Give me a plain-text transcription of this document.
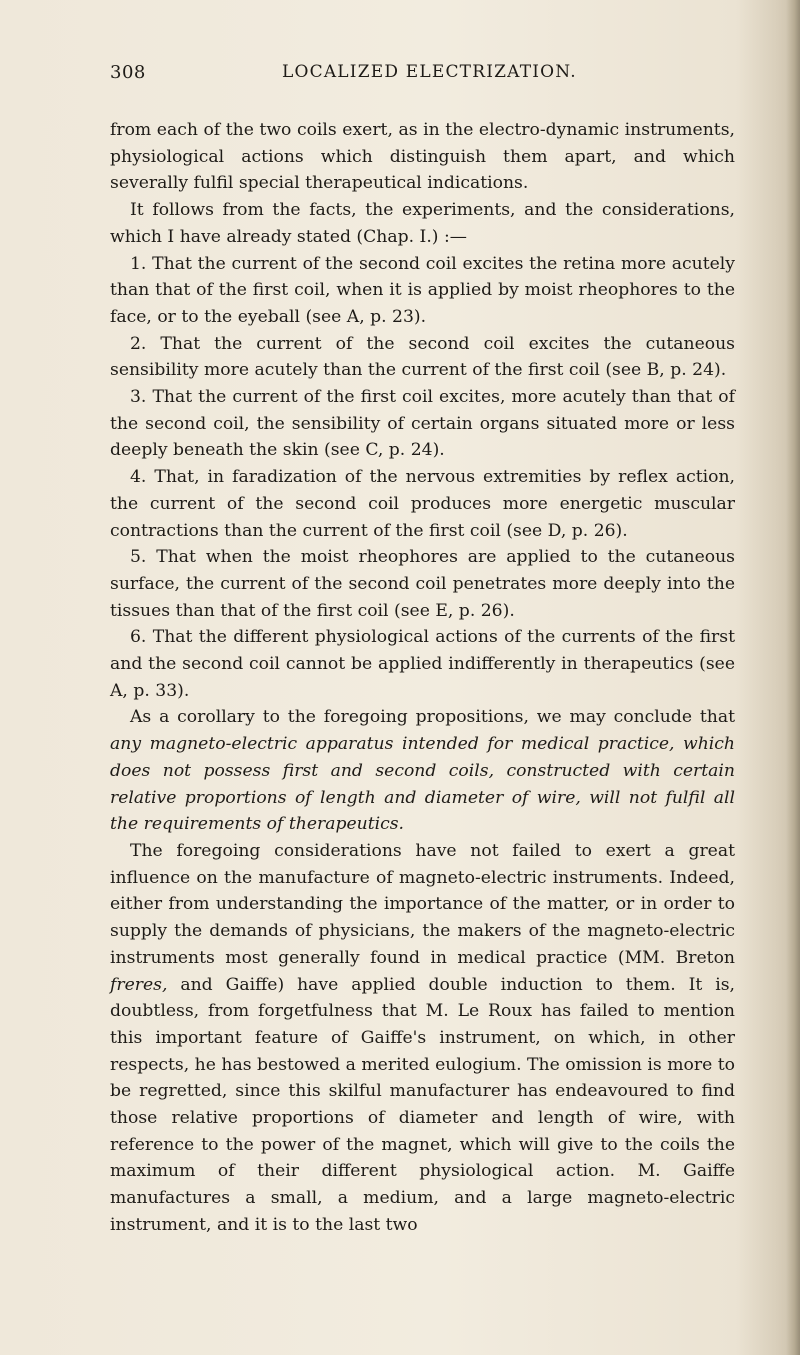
308	LOCALIZED ELECTRIZATION.

from each of the two coils exert, as in the electro-dynamic instruments, physiological actions which distinguish them apart, and which severally fulfil special therapeutical indications.

It follows from the facts, the experiments, and the considerations, which I have already stated (Chap. I.) :—

1. That the current of the second coil excites the retina more acutely than that of the first coil, when it is applied by moist rheophores to the face, or to the eyeball (see A, p. 23).

2. That the current of the second coil excites the cutaneous sensibility more acutely than the current of the first coil (see B, p. 24).

3. That the current of the first coil excites, more acutely than that of the second coil, the sensibility of certain organs situated more or less deeply beneath the skin (see C, p. 24).

4. That, in faradization of the nervous extremities by reflex action, the current of the second coil produces more energetic muscular contractions than the current of the first coil (see D, p. 26).

5. That when the moist rheophores are applied to the cutaneous surface, the current of the second coil penetrates more deeply into the tissues than that of the first coil (see E, p. 26).

6. That the different physiological actions of the currents of the first and the second coil cannot be applied indifferently in therapeutics (see A, p. 33).

As a corollary to the foregoing propositions, we may conclude that any magneto-electric apparatus intended for medical practice, which does not possess first and second coils, constructed with certain relative proportions of length and diameter of wire, will not fulfil all the requirements of therapeutics.

The foregoing considerations have not failed to exert a great influence on the manufacture of magneto-electric instruments. Indeed, either from understanding the importance of the matter, or in order to supply the demands of physicians, the makers of the magneto-electric instruments most generally found in medical practice (MM. Breton freres, and Gaiffe) have applied double induction to them. It is, doubtless, from forgetfulness that M. Le Roux has failed to mention this important feature of Gaiffe's instrument, on which, in other respects, he has bestowed a merited eulogium. The omission is more to be regretted, since this skilful manufacturer has endeavoured to find those relative proportions of diameter and length of wire, with reference to the power of the magnet, which will give to the coils the maximum of their different physiological action. M. Gaiffe manufactures a small, a medium, and a large magneto-electric instrument, and it is to the last two
